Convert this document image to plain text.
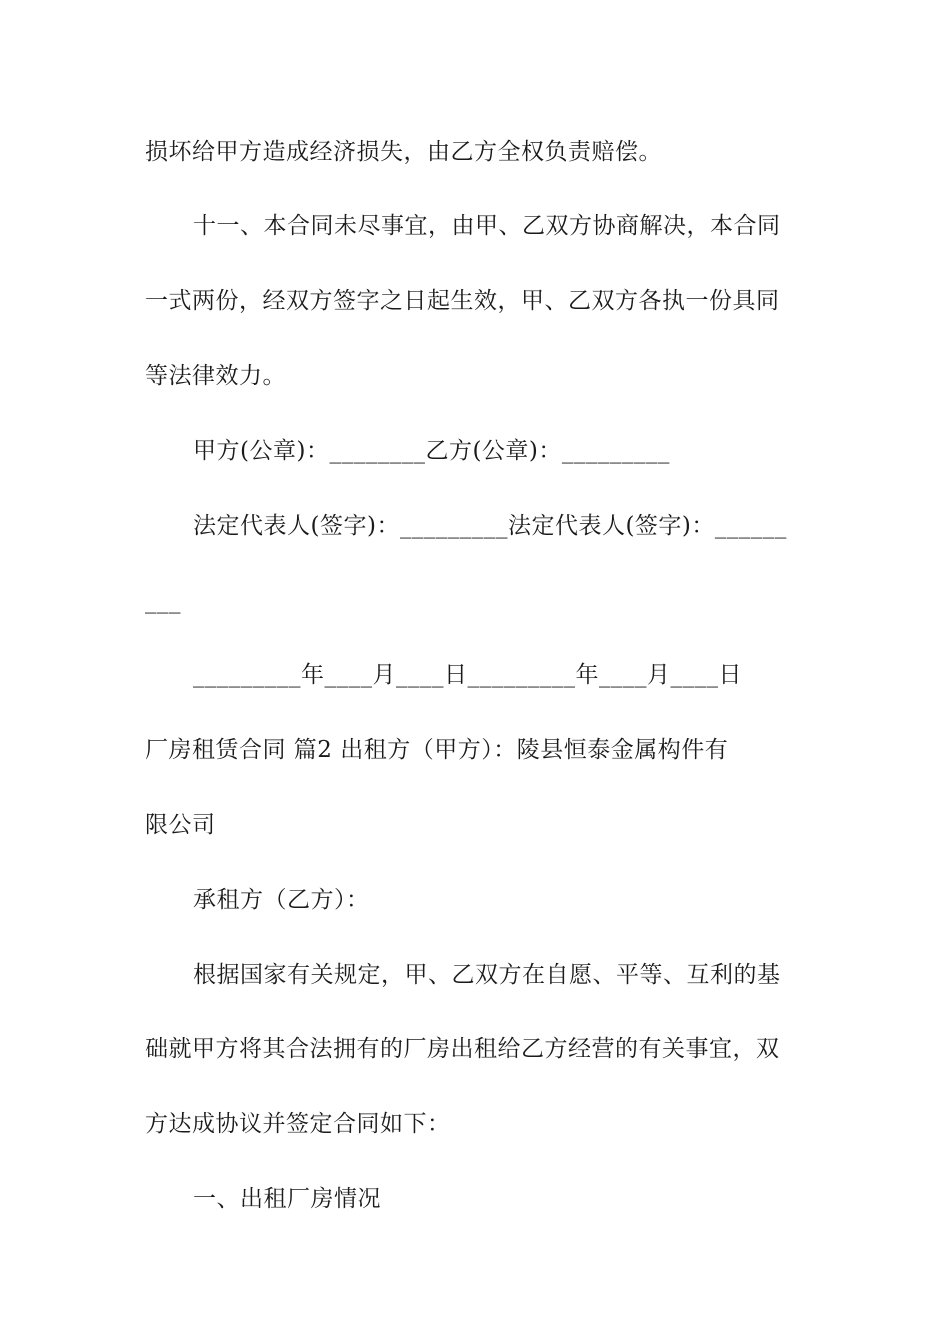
损坏给甲方造成经济损失，由乙方全权负责赔偿。
十一、本合同未尽事宜，由甲、乙双方协商解决，本合同
一式两份，经双方签字之日起生效，甲、乙双方各执一份具同
等法律效力。
甲方(公章)：________乙方(公章)：_________
法定代表人(签字)：_________法定代表人(签字)：______
___
_________年____月____日_________年____月____日
厂房租赁合同 篇2 出租方（甲方）：陵县恒泰金属构件有
限公司
承租方（乙方）：
根据国家有关规定，甲、乙双方在自愿、平等、互利的基
础就甲方将其合法拥有的厂房出租给乙方经营的有关事宜，双
方达成协议并签定合同如下：
一、出租厂房情况
